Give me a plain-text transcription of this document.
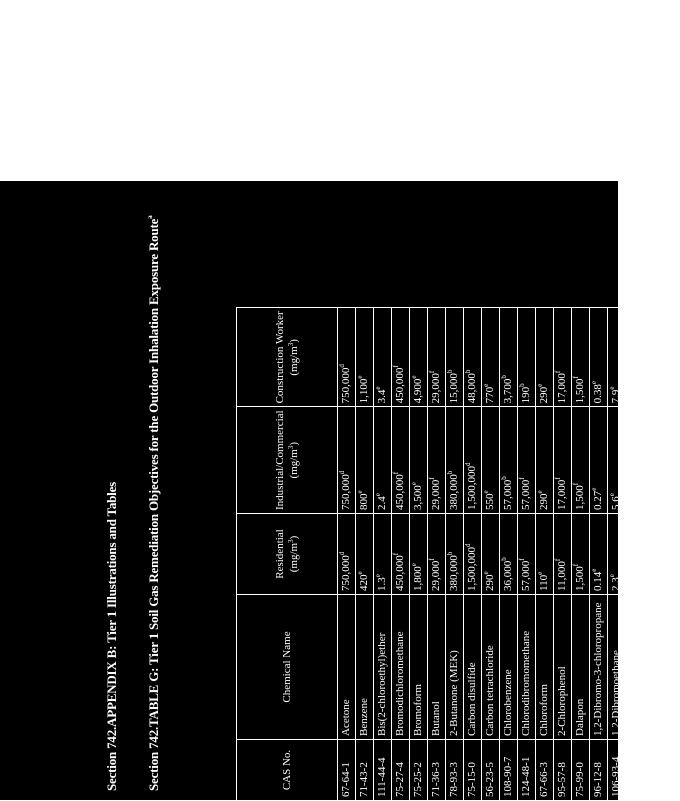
Section 742.APPENDIX B: Tier 1 Illustrations and Tables Section 742.TABLE G: Tier 1 Soil Gas Remediation Objectives for the Outdoor Inhalation Exposure Route$^a$
CAS No.	Chemical Name	Residential $(mg/m^3)$	Industrial/Commercial $(mg/m^3)$	Construction Worker $(mg/m^3)$
67-64-1	Acetone	750,000$^d$	750,000$^d$	750,000$^d$
71-43-2	Benzene	420e	800e	1,100e
111-44-4	Bis(2-chloroethyl)ether	1.3e	2.4e	3.4e
75-27-4	Bromodichloromethane	450,000$^f$	450,000$^f$	450,000$^f$
75-25-2	Bromoform	1,800e	3,500e	4,900e
71-36-3	Butanol	29,000$^f$	29,000$^f$	29,000$^f$
78-93-3	2-Butanone (MEK)	380,000$^b$	380,000$^b$	15,000$^b$
75-15-0	Carbon disulfide	1,500,000$^d$	1,500,000$^d$	48,000$^b$
56-23-5	Carbon tetrachloride	290e	550e	770e
108-90-7	Chlorobenzene	36,000$^b$	57,000$^b$	3,700$^b$
124-48-1	Chlorodibromomethane	57,000$^f$	57,000$^f$	190$^b$
67-66-3	Chloroform	110e	290e	290e
95-57-8	2-Chlorophenol	11,000$^f$	17,000$^f$	17,000$^f$
75-99-0	Dalapon	1,500$^f$	1,500$^f$	1,500$^f$
96-12-8	1,2-Dibromo-3-chloropropane	0.14e	0.27e	0.38e
106-93-4	1,2-Dibromoethane	2.3e	5.6e	7.9e
95-50-1	1,2-Dichlorobenzene	11,000$^f$	11,000$^f$	6,700$^b$
106-46-7	1,4-Dichlorobenzene	8,400$^f$	8,400$^f$	6,400$^b$
75-71-8	Dichlorodifluoromethane			
